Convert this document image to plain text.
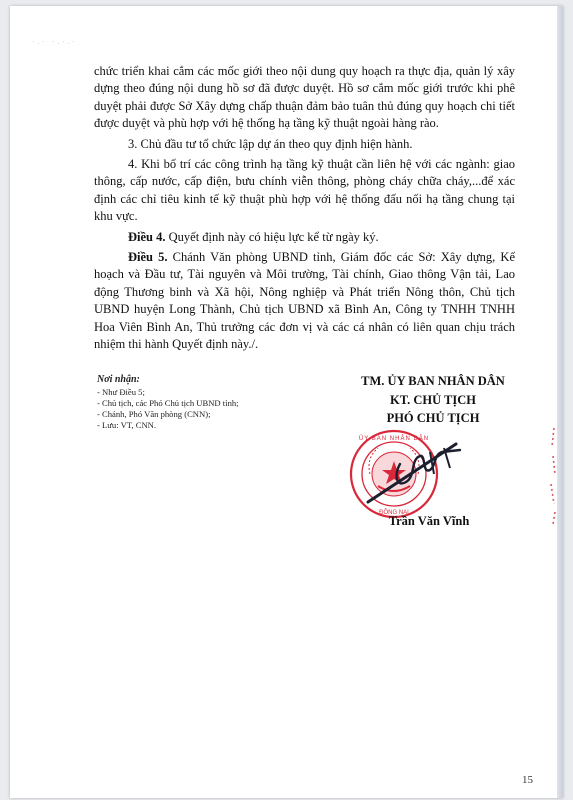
·.· ·.·.·

chức triển khai cắm các mốc giới theo nội dung quy hoạch ra thực địa, quản lý xây dựng theo đúng nội dung hồ sơ đã được duyệt. Hồ sơ cắm mốc giới trước khi phê duyệt phải được Sở Xây dựng chấp thuận đảm bảo tuân thủ đúng quy hoạch chi tiết được duyệt và phù hợp với hệ thống hạ tầng kỹ thuật ngoài hàng rào.

3. Chủ đầu tư tổ chức lập dự án theo quy định hiện hành.

4. Khi bố trí các công trình hạ tầng kỹ thuật cần liên hệ với các ngành: giao thông, cấp nước, cấp điện, bưu chính viễn thông, phòng cháy chữa cháy,...để xác định các chỉ tiêu kinh tế kỹ thuật phù hợp với hệ thống đấu nối hạ tầng chung tại khu vực.

Điều 4. Quyết định này có hiệu lực kể từ ngày ký.

Điều 5. Chánh Văn phòng UBND tỉnh, Giám đốc các Sở: Xây dựng, Kế hoạch và Đầu tư, Tài nguyên và Môi trường, Tài chính, Giao thông Vận tải, Lao động Thương binh và Xã hội, Nông nghiệp và Phát triển Nông thôn, Chủ tịch UBND huyện Long Thành, Chủ tịch UBND xã Bình An, Công ty TNHH TNHH Hoa Viên Bình An, Thủ trưởng các đơn vị và các cá nhân có liên quan chịu trách nhiệm thi hành Quyết định này./.

Nơi nhận:
- Như Điều 5;
- Chủ tịch, các Phó Chủ tịch UBND tỉnh;
- Chánh, Phó Văn phòng (CNN);
- Lưu: VT, CNN.
TM. ỦY BAN NHÂN DÂN
KT. CHỦ TỊCH
PHÓ CHỦ TỊCH
ỦY BAN NHÂN DÂN
ĐỒNG NAI
Trần Văn Vĩnh
15
